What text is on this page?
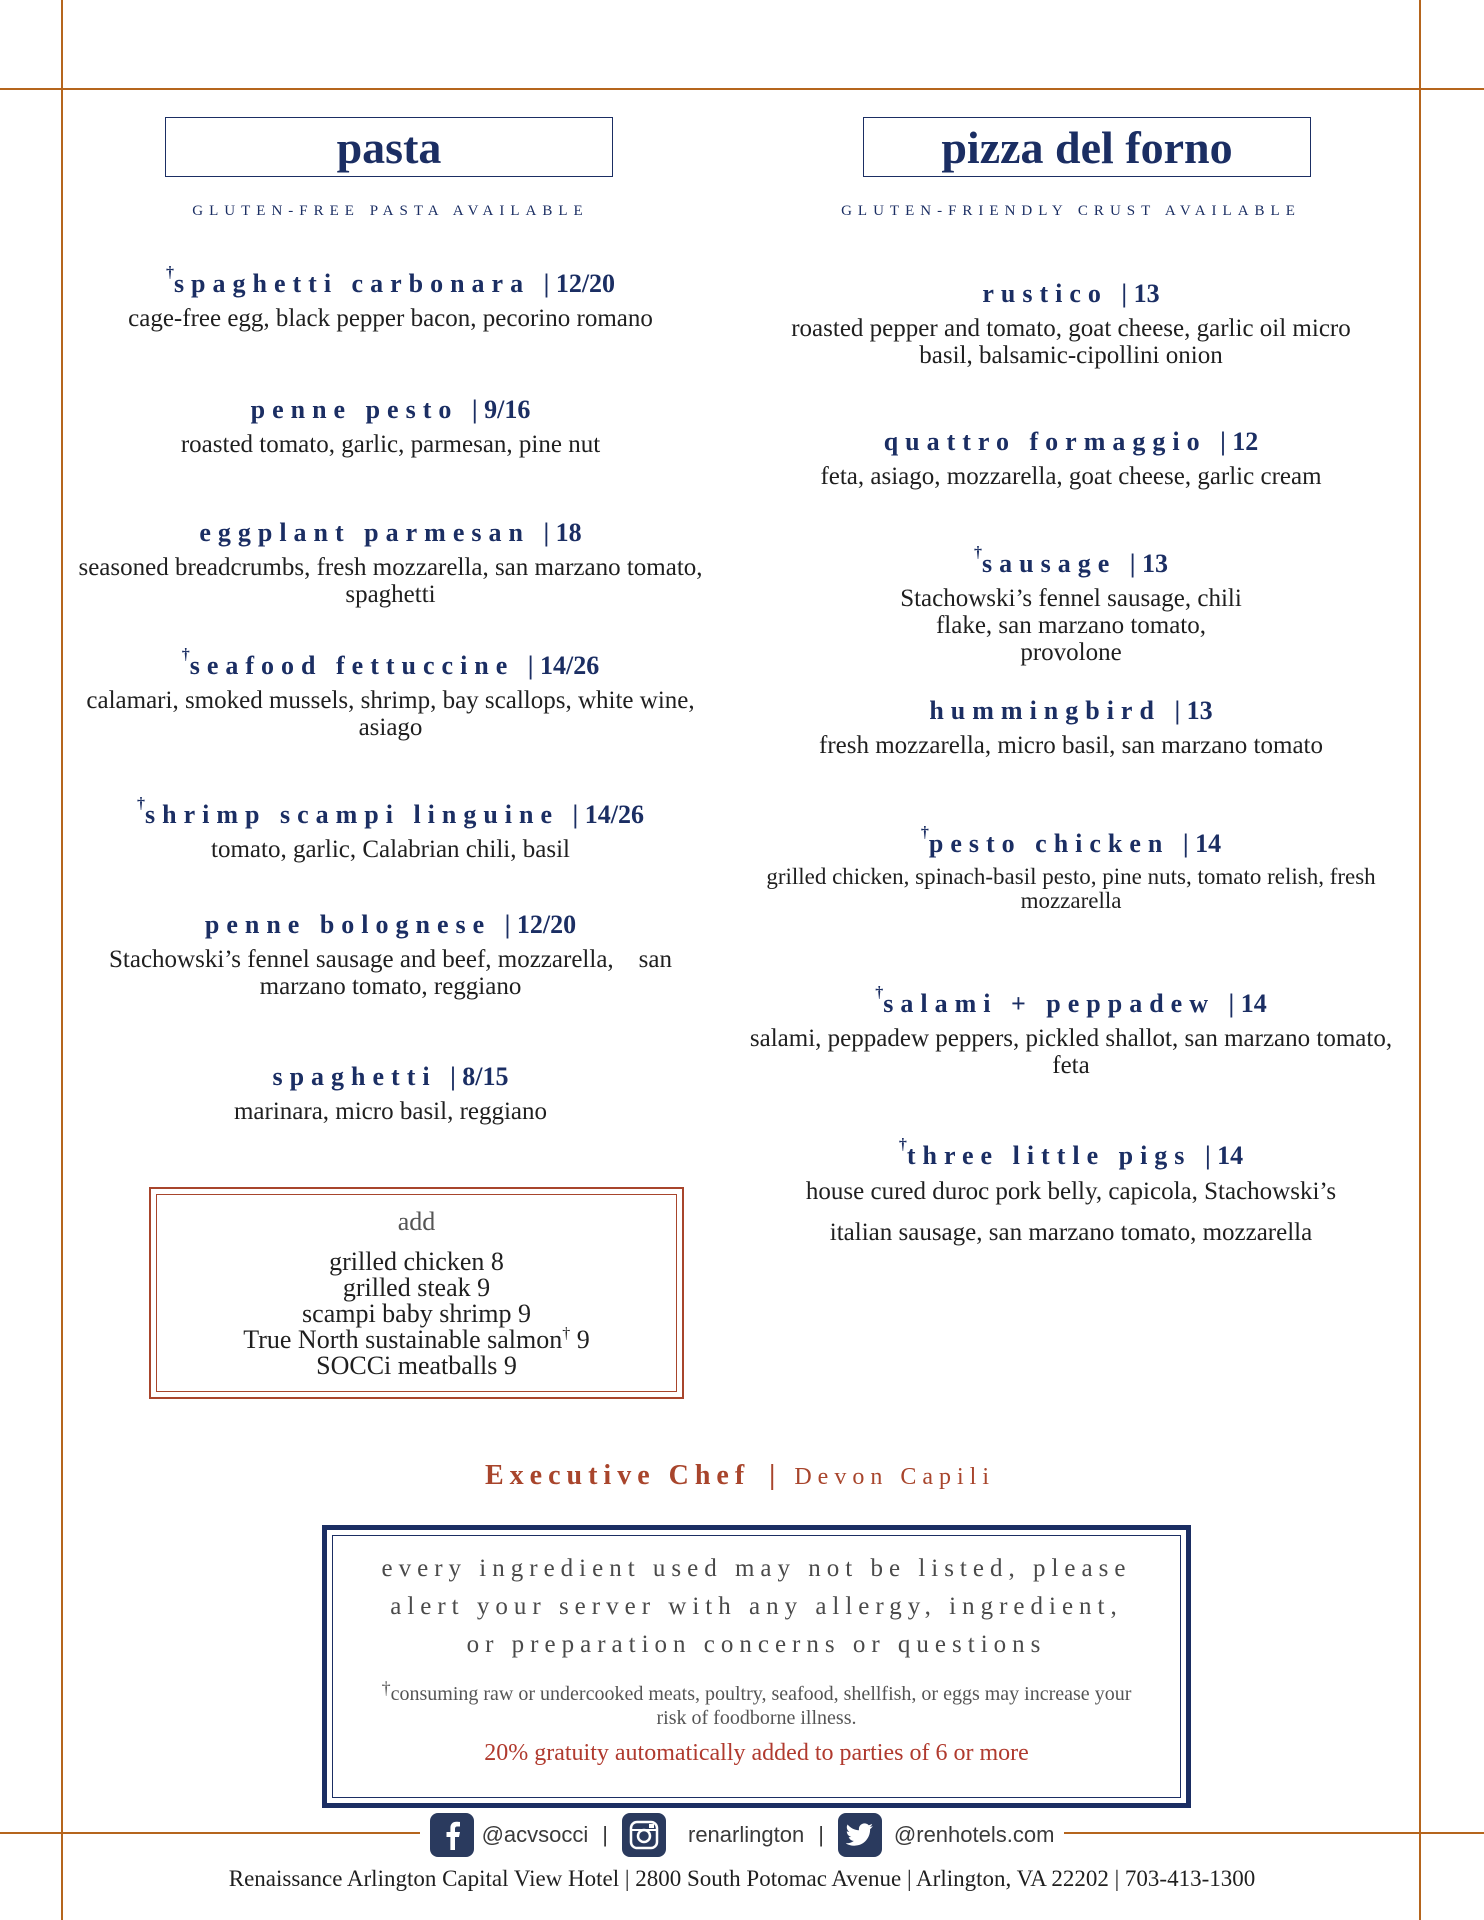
pasta
GLUTEN-FREE PASTA AVAILABLE
†spaghetti carbonara | 12/20
cage-free egg, black pepper bacon, pecorino romano
penne pesto | 9/16
roasted tomato, garlic, parmesan, pine nut
eggplant parmesan | 18
seasoned breadcrumbs, fresh mozzarella, san marzano tomato, spaghetti
†seafood fettuccine | 14/26
calamari, smoked mussels, shrimp, bay scallops, white wine, asiago
†shrimp scampi linguine | 14/26
tomato, garlic, Calabrian chili, basil
penne bolognese | 12/20
Stachowski’s fennel sausage and beef, mozzarella,    san marzano tomato, reggiano
spaghetti | 8/15
marinara, micro basil, reggiano
add
grilled chicken 8
grilled steak 9
scampi baby shrimp 9
True North sustainable salmon† 9
SOCCi meatballs 9
pizza del forno
GLUTEN-FRIENDLY CRUST AVAILABLE
rustico | 13
roasted pepper and tomato, goat cheese, garlic oil micro basil, balsamic-cipollini onion
quattro formaggio | 12
feta, asiago, mozzarella, goat cheese, garlic cream
†sausage | 13
Stachowski’s fennel sausage, chili flake, san marzano tomato, provolone
hummingbird | 13
fresh mozzarella, micro basil, san marzano tomato
†pesto chicken | 14
grilled chicken, spinach-basil pesto, pine nuts, tomato relish, fresh mozzarella
†salami + peppadew | 14
salami, peppadew peppers, pickled shallot, san marzano tomato, feta
†three little pigs | 14
house cured duroc pork belly, capicola, Stachowski’s italian sausage, san marzano tomato, mozzarella
Executive Chef | Devon Capili
every ingredient used may not be listed, please
alert your server with any allergy, ingredient,
or preparation concerns or questions
†consuming raw or undercooked meats, poultry, seafood, shellfish, or eggs may increase your risk of foodborne illness.
20% gratuity automatically added to parties of 6 or more
@acvsocci |	renarlington |	@renhotels.com
Renaissance Arlington Capital View Hotel | 2800 South Potomac Avenue | Arlington, VA 22202 | 703-413-1300
